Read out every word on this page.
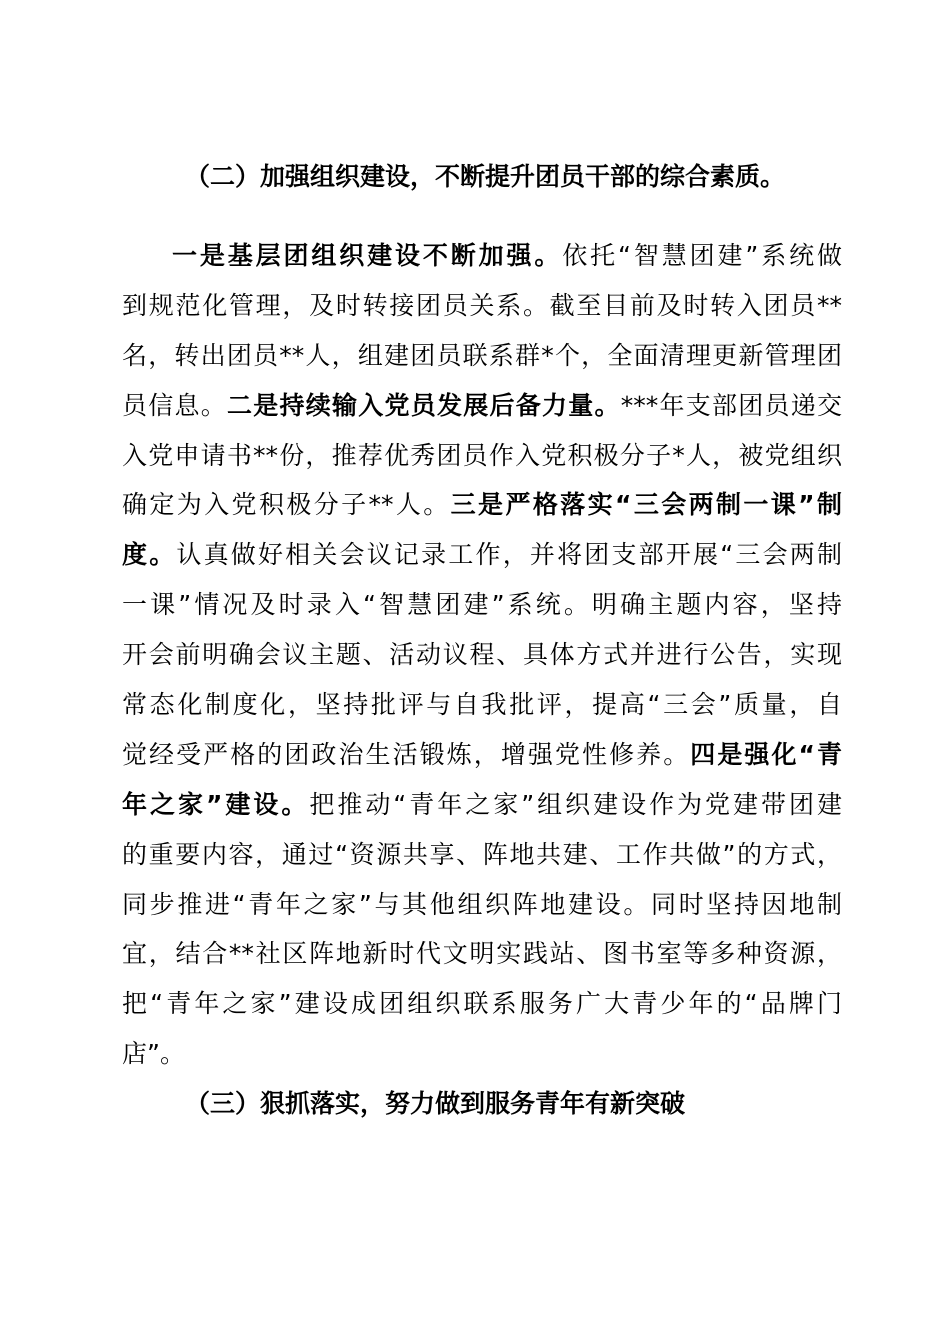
（二）加强组织建设，不断提升团员干部的综合素质。
一是基层团组织建设不断加强。依托“智慧团建”系统做
到规范化管理，及时转接团员关系。截至目前及时转入团员**
名，转出团员**人，组建团员联系群*个，全面清理更新管理团
员信息。二是持续输入党员发展后备力量。***年支部团员递交
入党申请书**份，推荐优秀团员作入党积极分子*人，被党组织
确定为入党积极分子**人。三是严格落实“三会两制一课”制
度。认真做好相关会议记录工作，并将团支部开展“三会两制
一课”情况及时录入“智慧团建”系统。明确主题内容，坚持
开会前明确会议主题、活动议程、具体方式并进行公告，实现
常态化制度化，坚持批评与自我批评，提高“三会”质量，自
觉经受严格的团政治生活锻炼，增强党性修养。四是强化“青
年之家”建设。把推动“青年之家”组织建设作为党建带团建
的重要内容，通过“资源共享、阵地共建、工作共做”的方式，
同步推进“青年之家”与其他组织阵地建设。同时坚持因地制
宜，结合**社区阵地新时代文明实践站、图书室等多种资源，
把“青年之家”建设成团组织联系服务广大青少年的“品牌门
店”。
（三）狠抓落实，努力做到服务青年有新突破
